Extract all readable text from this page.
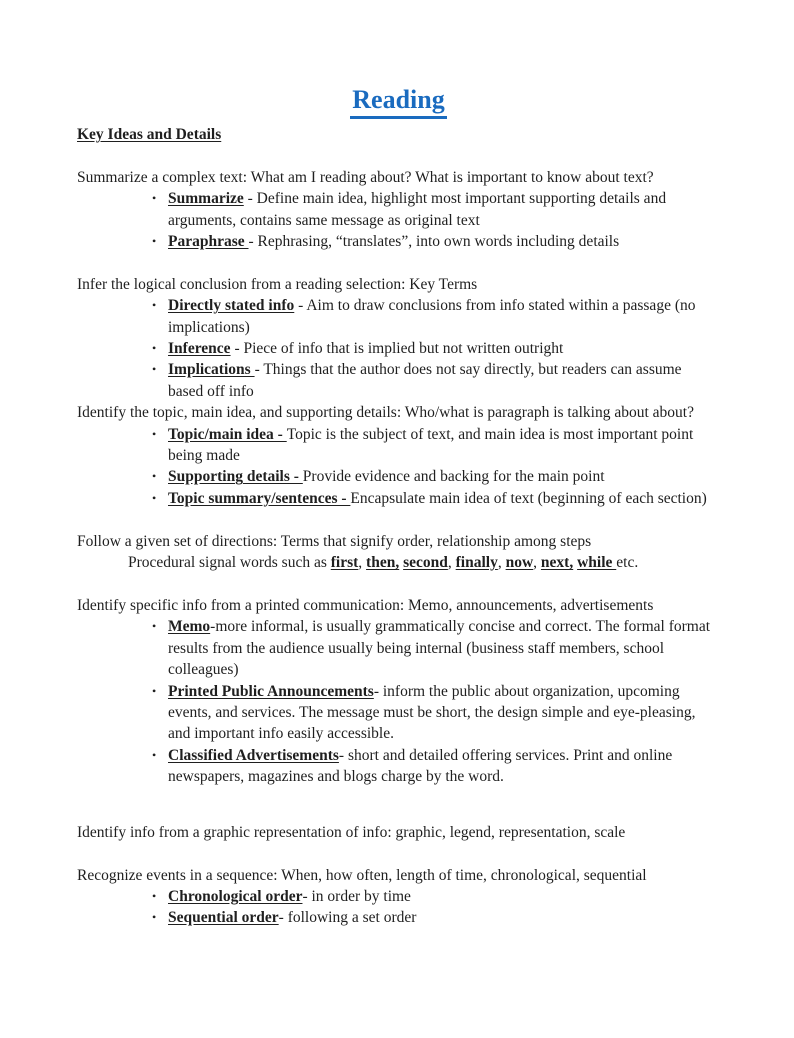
Reading
Key Ideas and Details

Summarize a complex text: What am I reading about? What is important to know about text?

• Summarize - Define main idea, highlight most important supporting details and arguments, contains same message as original text
• Paraphrase - Rephrasing, “translates”, into own words including details

Infer the logical conclusion from a reading selection: Key Terms

• Directly stated info - Aim to draw conclusions from info stated within a passage (no implications)
• Inference - Piece of info that is implied but not written outright
• Implications - Things that the author does not say directly, but readers can assume based off info

Identify the topic, main idea, and supporting details: Who/what is paragraph is talking about about?

• Topic/main idea - Topic is the subject of text, and main idea is most important point being made
• Supporting details - Provide evidence and backing for the main point
• Topic summary/sentences - Encapsulate main idea of text (beginning of each section)

Follow a given set of directions: Terms that signify order, relationship among steps

Procedural signal words such as first, then, second, finally, now, next, while etc.

Identify specific info from a printed communication: Memo, announcements, advertisements

• Memo-more informal, is usually grammatically concise and correct. The formal format results from the audience usually being internal (business staff members, school colleagues)
• Printed Public Announcements- inform the public about organization, upcoming events, and services. The message must be short, the design simple and eye-pleasing, and important info easily accessible.
• Classified Advertisements- short and detailed offering services. Print and online newspapers, magazines and blogs charge by the word.

Identify info from a graphic representation of info: graphic, legend, representation, scale

Recognize events in a sequence: When, how often, length of time, chronological, sequential

• Chronological order- in order by time
• Sequential order- following a set order
